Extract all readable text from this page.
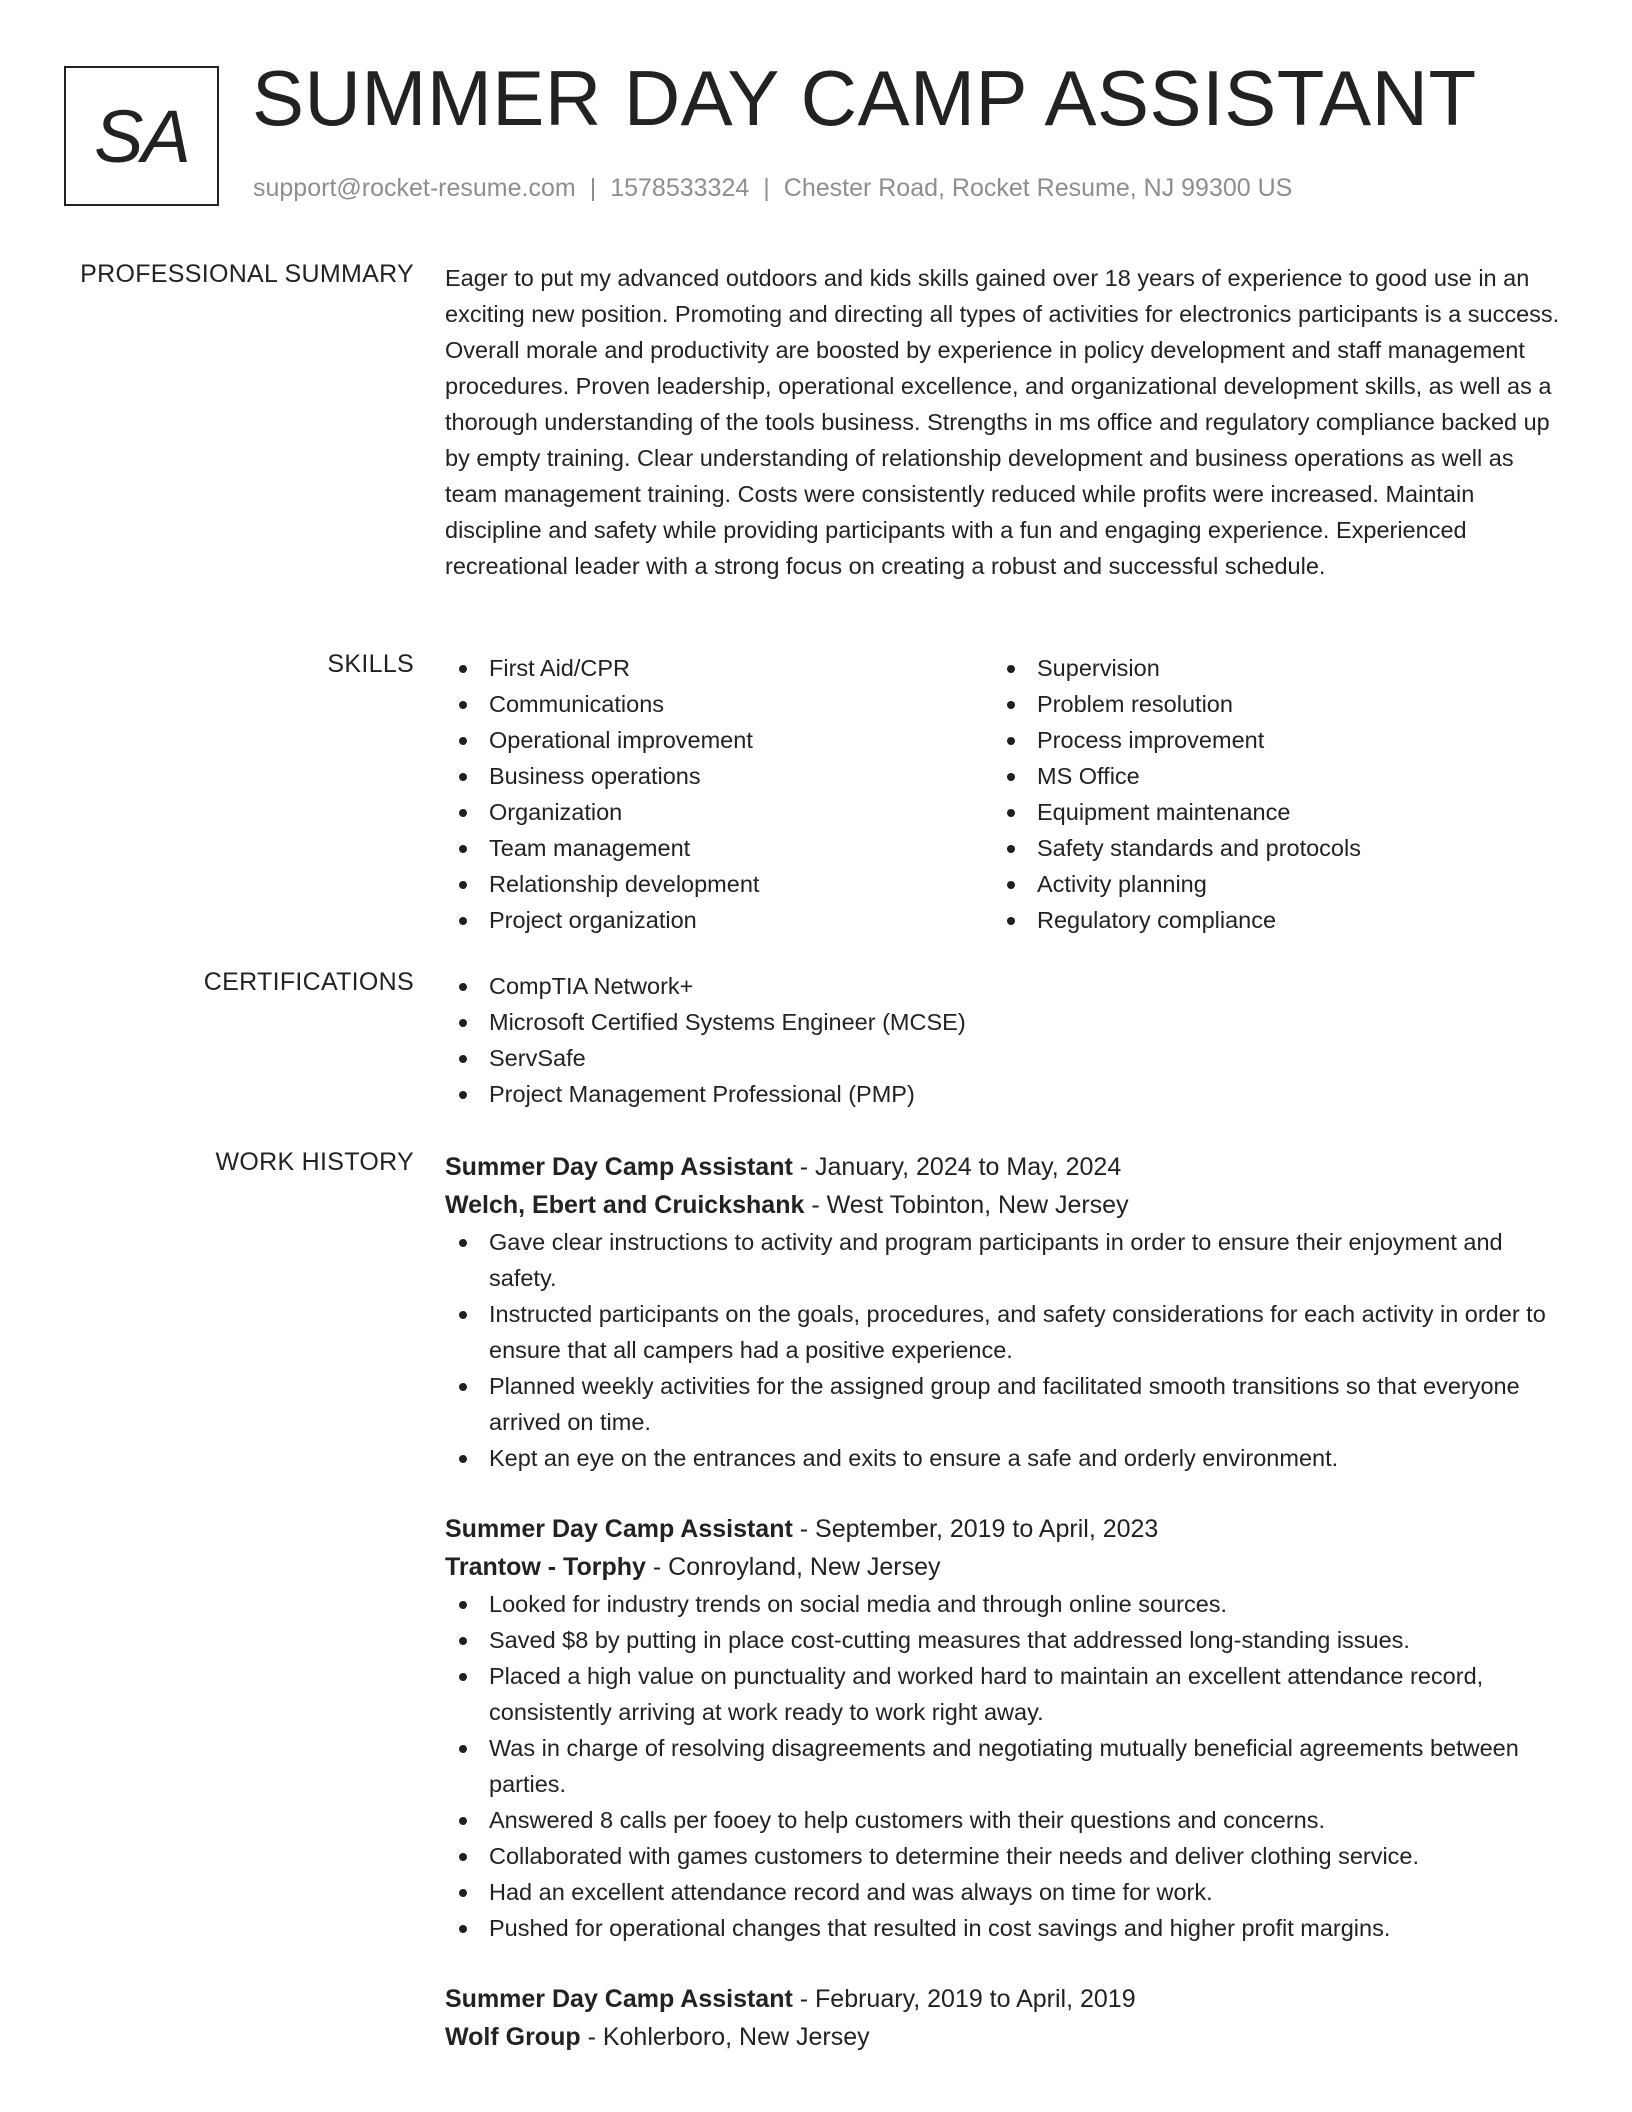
SA SUMMER DAY CAMP ASSISTANT
support@rocket-resume.com | 1578533324 | Chester Road, Rocket Resume, NJ 99300 US
PROFESSIONAL SUMMARY Eager to put my advanced outdoors and kids skills gained over 18 years of experience to good use in an exciting new position. Promoting and directing all types of activities for electronics participants is a success. Overall morale and productivity are boosted by experience in policy development and staff management procedures. Proven leadership, operational excellence, and organizational development skills, as well as a thorough understanding of the tools business. Strengths in ms office and regulatory compliance backed up by empty training. Clear understanding of relationship development and business operations as well as team management training. Costs were consistently reduced while profits were increased. Maintain discipline and safety while providing participants with a fun and engaging experience. Experienced recreational leader with a strong focus on creating a robust and successful schedule.

SKILLS	First Aid/CPR
Communications
Operational improvement
Business operations
Organization
Team management
Relationship development
Project organization
Supervision
Problem resolution
Process improvement
MS Office
Equipment maintenance
Safety standards and protocols
Activity planning
Regulatory compliance
CERTIFICATIONS	CompTIA Network+
Microsoft Certified Systems Engineer (MCSE)
ServSafe
Project Management Professional (PMP)
WORK HISTORY Summer Day Camp Assistant - January, 2024 to May, 2024
Welch, Ebert and Cruickshank - West Tobinton, New Jersey
Gave clear instructions to activity and program participants in order to ensure their enjoyment and safety.
Instructed participants on the goals, procedures, and safety considerations for each activity in order to ensure that all campers had a positive experience.
Planned weekly activities for the assigned group and facilitated smooth transitions so that everyone arrived on time.
Kept an eye on the entrances and exits to ensure a safe and orderly environment.
Summer Day Camp Assistant - September, 2019 to April, 2023
Trantow - Torphy - Conroyland, New Jersey
Looked for industry trends on social media and through online sources.
Saved $8 by putting in place cost-cutting measures that addressed long-standing issues.
Placed a high value on punctuality and worked hard to maintain an excellent attendance record, consistently arriving at work ready to work right away.
Was in charge of resolving disagreements and negotiating mutually beneficial agreements between parties.
Answered 8 calls per fooey to help customers with their questions and concerns.
Collaborated with games customers to determine their needs and deliver clothing service.
Had an excellent attendance record and was always on time for work.
Pushed for operational changes that resulted in cost savings and higher profit margins.
Summer Day Camp Assistant - February, 2019 to April, 2019
Wolf Group - Kohlerboro, New Jersey
